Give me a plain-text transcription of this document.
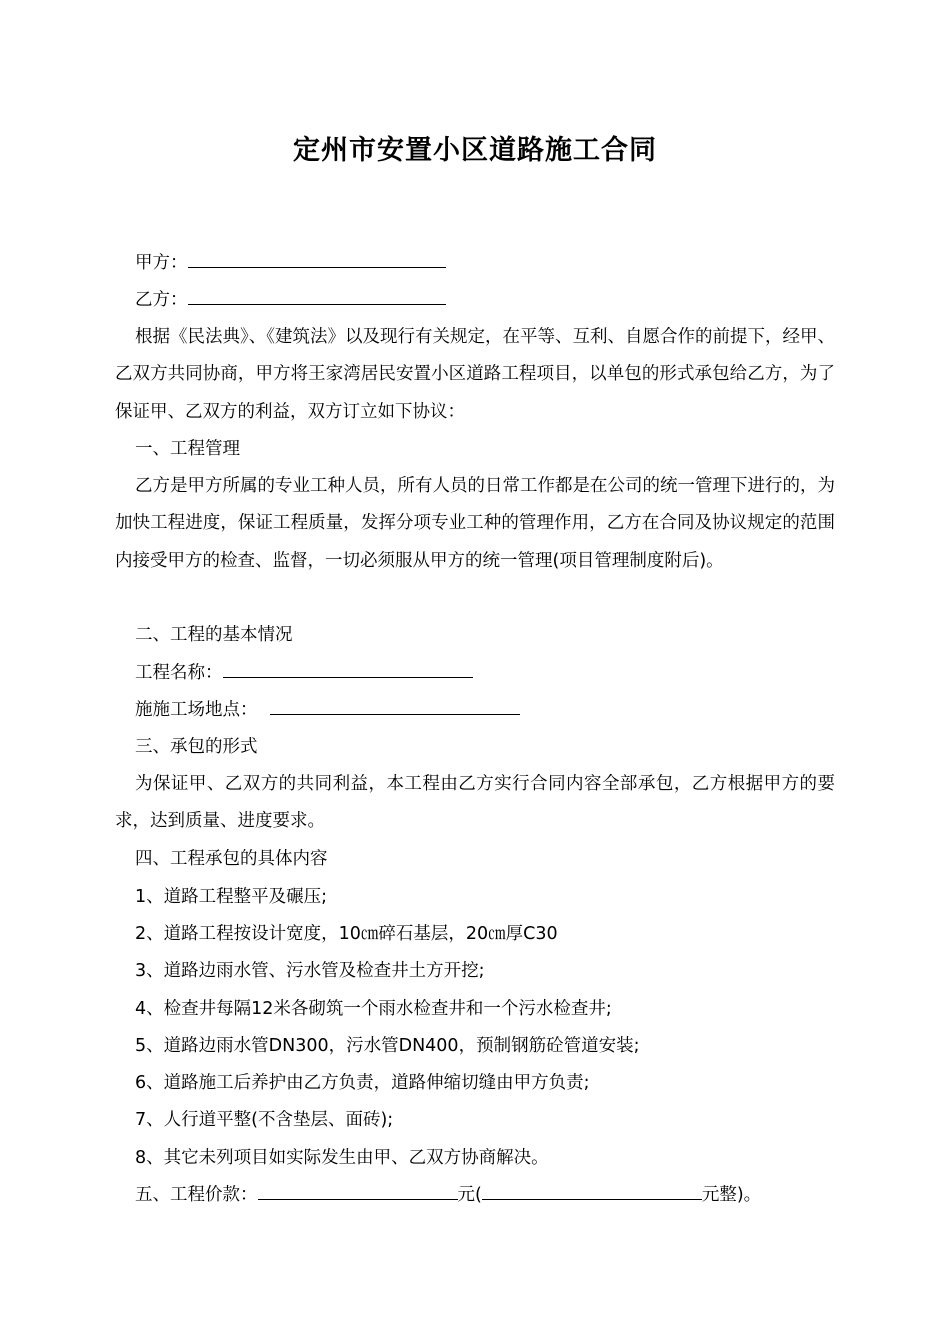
定州市安置小区道路施工合同
甲方：
乙方：
根据《民法典》、《建筑法》以及现行有关规定，在平等、互利、自愿合作的前提下，经甲、乙双方共同协商，甲方将王家湾居民安置小区道路工程项目，以单包的形式承包给乙方，为了保证甲、乙双方的利益，双方订立如下协议：
一、工程管理
乙方是甲方所属的专业工种人员，所有人员的日常工作都是在公司的统一管理下进行的，为加快工程进度，保证工程质量，发挥分项专业工种的管理作用，乙方在合同及协议规定的范围内接受甲方的检查、监督，一切必须服从甲方的统一管理(项目管理制度附后)。
二、工程的基本情况
工程名称：
施施工场地点：
三、承包的形式
为保证甲、乙双方的共同利益，本工程由乙方实行合同内容全部承包，乙方根据甲方的要求，达到质量、进度要求。
四、工程承包的具体内容
1、道路工程整平及碾压;
2、道路工程按设计宽度，10㎝碎石基层，20㎝厚C30
3、道路边雨水管、污水管及检查井土方开挖;
4、检查井每隔12米各砌筑一个雨水检查井和一个污水检查井;
5、道路边雨水管DN300，污水管DN400，预制钢筋砼管道安装;
6、道路施工后养护由乙方负责，道路伸缩切缝由甲方负责;
7、人行道平整(不含垫层、面砖);
8、其它未列项目如实际发生由甲、乙双方协商解决。
五、工程价款：	元(	元整)。
